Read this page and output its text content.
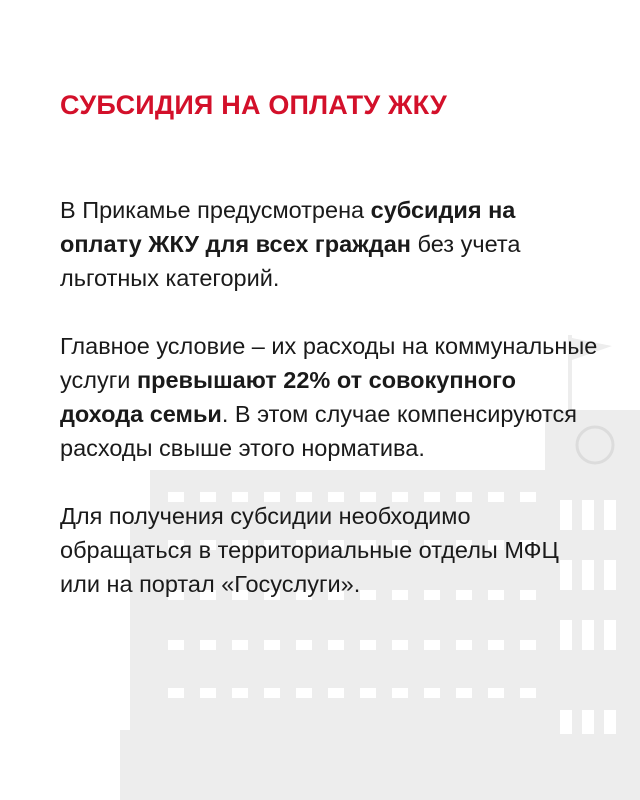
СУБСИДИЯ НА ОПЛАТУ ЖКУ

В Прикамье предусмотрена субсидия на оплату ЖКУ для всех граждан без учета льготных категорий.

Главное условие – их расходы на коммунальные услуги превышают 22% от совокупного дохода семьи. В этом случае компенсируются расходы свыше этого норматива.

Для получения субсидии необходимо обращаться в территориальные отделы МФЦ или на портал «Госуслуги».
